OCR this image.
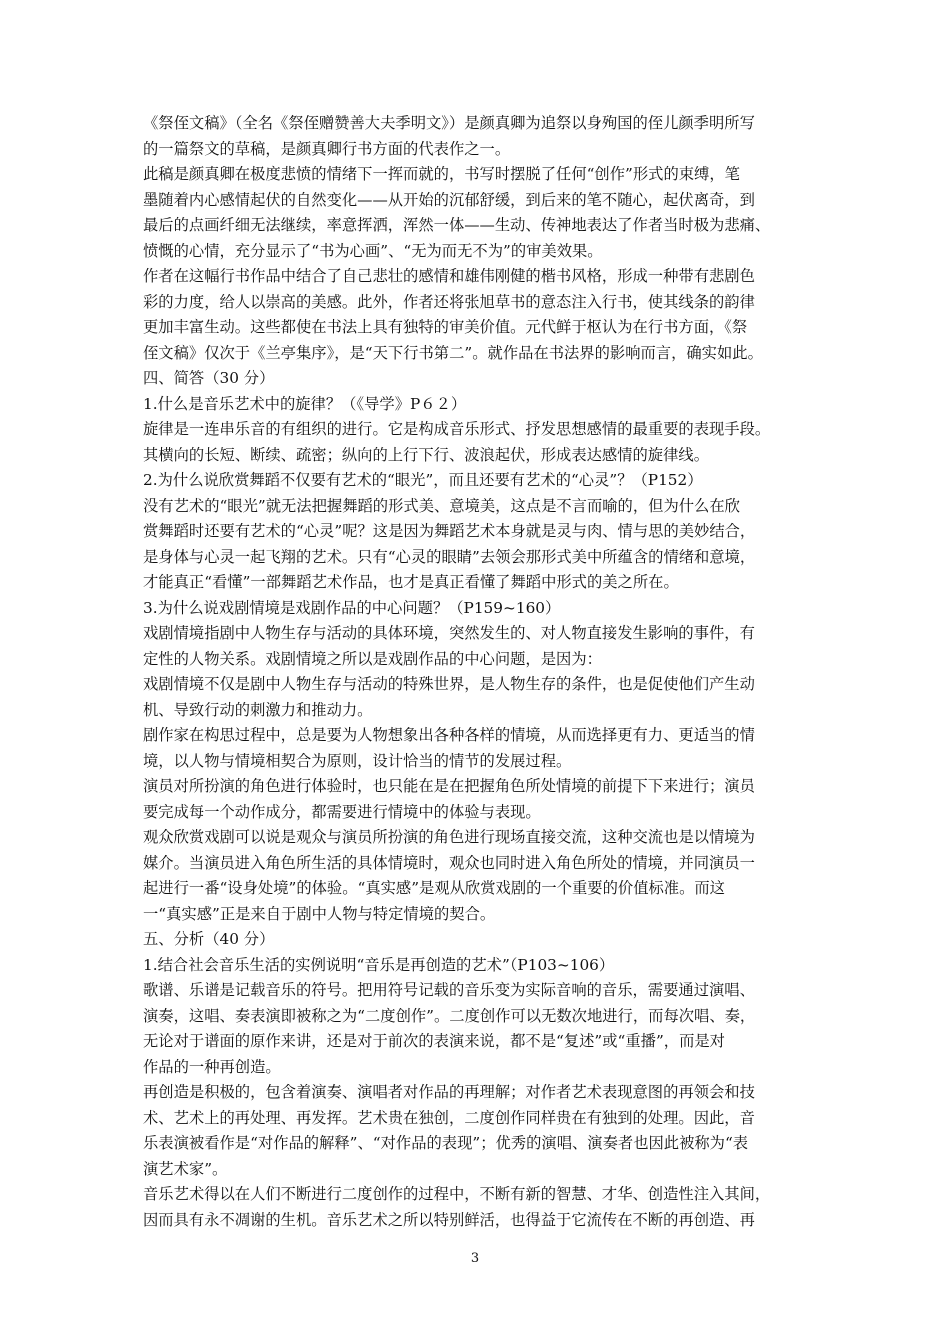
《祭侄文稿》（全名《祭侄赠赞善大夫季明文》）是颜真卿为追祭以身殉国的侄儿颜季明所写
的一篇祭文的草稿，是颜真卿行书方面的代表作之一。
此稿是颜真卿在极度悲愤的情绪下一挥而就的，书写时摆脱了任何“创作”形式的束缚，笔
墨随着内心感情起伏的自然变化——从开始的沉郁舒缓，到后来的笔不随心，起伏离奇，到
最后的点画纤细无法继续，率意挥洒，浑然一体——生动、传神地表达了作者当时极为悲痛、
愤慨的心情，充分显示了“书为心画”、“无为而无不为”的审美效果。
作者在这幅行书作品中结合了自己悲壮的感情和雄伟刚健的楷书风格，形成一种带有悲剧色
彩的力度，给人以崇高的美感。此外，作者还将张旭草书的意态注入行书，使其线条的韵律
更加丰富生动。这些都使在书法上具有独特的审美价值。元代鲜于枢认为在行书方面，《祭
侄文稿》仅次于《兰亭集序》，是“天下行书第二”。就作品在书法界的影响而言，确实如此。
四、简答（30 分）
1.什么是音乐艺术中的旋律？（《导学》P６２）
旋律是一连串乐音的有组织的进行。它是构成音乐形式、抒发思想感情的最重要的表现手段。
其横向的长短、断续、疏密；纵向的上行下行、波浪起伏，形成表达感情的旋律线。
2.为什么说欣赏舞蹈不仅要有艺术的“眼光”，而且还要有艺术的“心灵”？（P152）
没有艺术的“眼光”就无法把握舞蹈的形式美、意境美，这点是不言而喻的，但为什么在欣
赏舞蹈时还要有艺术的“心灵”呢？这是因为舞蹈艺术本身就是灵与肉、情与思的美妙结合，
是身体与心灵一起飞翔的艺术。只有“心灵的眼睛”去领会那形式美中所蕴含的情绪和意境，
才能真正“看懂”一部舞蹈艺术作品，也才是真正看懂了舞蹈中形式的美之所在。
3.为什么说戏剧情境是戏剧作品的中心问题？（P159~160）
戏剧情境指剧中人物生存与活动的具体环境，突然发生的、对人物直接发生影响的事件，有
定性的人物关系。戏剧情境之所以是戏剧作品的中心问题，是因为：
戏剧情境不仅是剧中人物生存与活动的特殊世界，是人物生存的条件，也是促使他们产生动
机、导致行动的刺激力和推动力。
剧作家在构思过程中，总是要为人物想象出各种各样的情境，从而选择更有力、更适当的情
境，以人物与情境相契合为原则，设计恰当的情节的发展过程。
演员对所扮演的角色进行体验时，也只能在是在把握角色所处情境的前提下下来进行；演员
要完成每一个动作成分，都需要进行情境中的体验与表现。
观众欣赏戏剧可以说是观众与演员所扮演的角色进行现场直接交流，这种交流也是以情境为
媒介。当演员进入角色所生活的具体情境时，观众也同时进入角色所处的情境，并同演员一
起进行一番“设身处境”的体验。“真实感”是观从欣赏戏剧的一个重要的价值标准。而这
一“真实感”正是来自于剧中人物与特定情境的契合。
五、分析（40 分）
1.结合社会音乐生活的实例说明“音乐是再创造的艺术”（P103~106）
歌谱、乐谱是记载音乐的符号。把用符号记载的音乐变为实际音响的音乐，需要通过演唱、
演奏，这唱、奏表演即被称之为“二度创作”。二度创作可以无数次地进行，而每次唱、奏，
无论对于谱面的原作来讲，还是对于前次的表演来说，都不是“复述”或“重播”，而是对
作品的一种再创造。
再创造是积极的，包含着演奏、演唱者对作品的再理解；对作者艺术表现意图的再领会和技
术、艺术上的再处理、再发挥。艺术贵在独创，二度创作同样贵在有独到的处理。因此，音
乐表演被看作是“对作品的解释”、“对作品的表现”；优秀的演唱、演奏者也因此被称为“表
演艺术家”。
音乐艺术得以在人们不断进行二度创作的过程中，不断有新的智慧、才华、创造性注入其间，
因而具有永不凋谢的生机。音乐艺术之所以特别鲜活，也得益于它流传在不断的再创造、再
3
